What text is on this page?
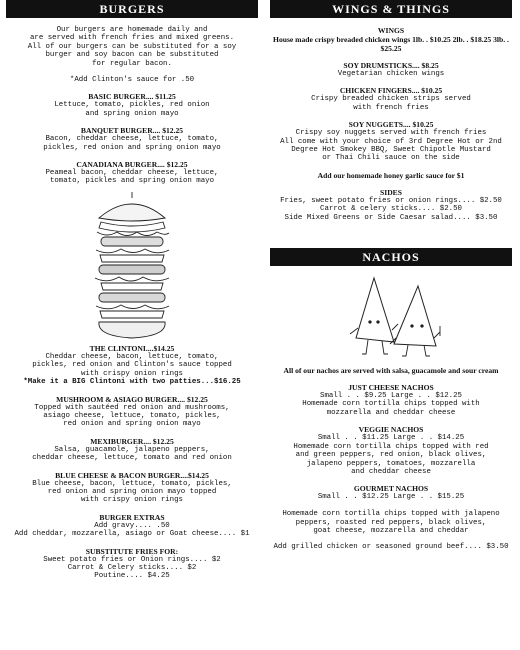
BURGERS
Our burgers are homemade daily and
are served with french fries and mixed greens.
All of our burgers can be substituted for a soy
burger and soy bacon can be substituted
for regular bacon.
*Add Clinton's sauce for .50
BASIC BURGER.... $11.25
Lettuce, tomato, pickles, red onion
and spring onion mayo
BANQUET BURGER.... $12.25
Bacon, cheddar cheese, lettuce, tomato,
pickles, red onion and spring onion mayo
CANADIANA BURGER.... $12.25
Peameal bacon, cheddar cheese, lettuce,
tomato, pickles and spring onion mayo
THE CLINTONI....$14.25
Cheddar cheese, bacon, lettuce, tomato,
pickles, red onion and Clinton's sauce topped
with crispy onion rings
*Make it a BIG Clintoni with two patties...$16.25
MUSHROOM & ASIAGO BURGER.... $12.25
Topped with sautéed red onion and mushrooms,
asiago cheese, lettuce, tomato, pickles,
red onion and spring onion mayo
MEXIBURGER.... $12.25
Salsa, guacamole, jalapeno peppers,
cheddar cheese, lettuce, tomato and red onion
BLUE CHEESE & BACON BURGER....$14.25
Blue cheese, bacon, lettuce, tomato, pickles,
red onion and spring onion mayo topped
with crispy onion rings
BURGER EXTRAS
Add gravy.... .50
Add cheddar, mozzarella, asiago or Goat cheese.... $1
SUBSTITUTE FRIES FOR:
Sweet potato fries or Onion rings.... $2
Carrot & Celery sticks.... $2
Poutine.... $4.25
WINGS & THINGS
WINGS
House made crispy breaded chicken wings 1lb. . $10.25 2lb. . $18.25 3lb. . $25.25
SOY DRUMSTICKS.... $8.25
Vegetarian chicken wings
CHICKEN FINGERS.... $10.25
Crispy breaded chicken strips served
with french fries
SOY NUGGETS.... $10.25
Crispy soy nuggets served with french fries
All come with your choice of 3rd Degree Hot or 2nd
Degree Hot Smokey BBQ, Sweet Chipotle Mustard
or Thai Chili sauce on the side
Add our homemade honey garlic sauce for $1
SIDES
Fries, sweet potato fries or onion rings.... $2.50
Carrot & celery sticks.... $2.50
Side Mixed Greens or Side Caesar salad.... $3.50
NACHOS
All of our nachos are served with salsa, guacamole and sour cream
JUST CHEESE NACHOS
Small . . $9.25 Large . . $12.25
Homemade corn tortilla chips topped with
mozzarella and cheddar cheese
VEGGIE NACHOS
Small . . $11.25 Large . . $14.25
Homemade corn tortilla chips topped with red
and green peppers, red onion, black olives,
jalapeno peppers, tomatoes, mozzarella
and cheddar cheese
GOURMET NACHOS
Small . . $12.25 Large . . $15.25

Homemade corn tortilla chips topped with jalapeno
peppers, roasted red peppers, black olives,
goat cheese, mozzarella and cheddar
Add grilled chicken or seasoned ground beef.... $3.50
